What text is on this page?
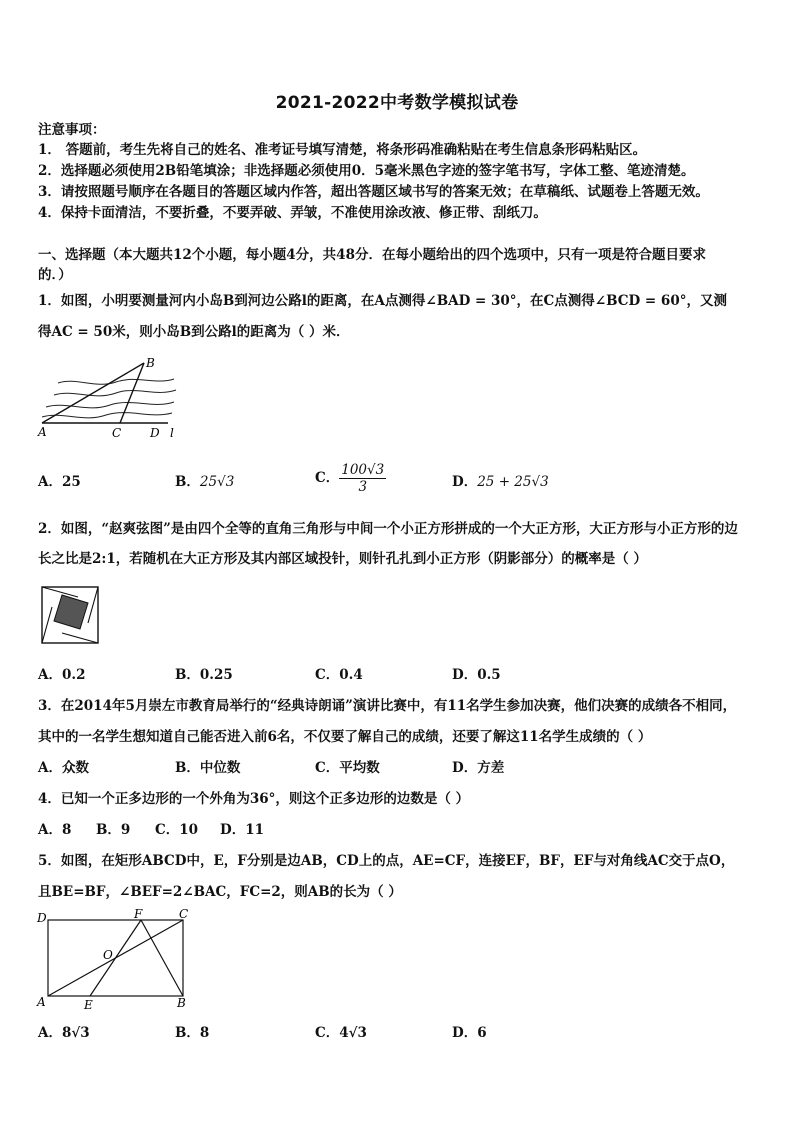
2021-2022中考数学模拟试卷
注意事项：
1． 答题前，考生先将自己的姓名、准考证号填写清楚，将条形码准确粘贴在考生信息条形码粘贴区。
2．选择题必须使用2B铅笔填涂；非选择题必须使用0．5毫米黑色字迹的签字笔书写，字体工整、笔迹清楚。
3．请按照题号顺序在各题目的答题区域内作答，超出答题区域书写的答案无效；在草稿纸、试题卷上答题无效。
4．保持卡面清洁，不要折叠，不要弄破、弄皱，不准使用涂改液、修正带、刮纸刀。
一、选择题（本大题共12个小题，每小题4分，共48分．在每小题给出的四个选项中，只有一项是符合题目要求
的．）
1．如图，小明要测量河内小岛B到河边公路l的距离，在A点测得∠BAD = 30°，在C点测得∠BCD = 60°，又测
得AC = 50米，则小岛B到公路l的距离为（ ）米．
A
B
C D l
A．25	B．25√3	C． $\frac{100√3}{3}$	D．25 + 25√3
2．如图，“赵爽弦图”是由四个全等的直角三角形与中间一个小正方形拼成的一个大正方形，大正方形与小正方形的边
长之比是2:1，若随机在大正方形及其内部区域投针，则针孔扎到小正方形（阴影部分）的概率是（ ）
A．0.2	B．0.25	C．0.4	D．0.5
3．在2014年5月崇左市教育局举行的“经典诗朗诵”演讲比赛中，有11名学生参加决赛，他们决赛的成绩各不相同，
其中的一名学生想知道自己能否进入前6名，不仅要了解自己的成绩，还要了解这11名学生成绩的（ ）
A．众数	B．中位数	C．平均数	D．方差
4．已知一个正多边形的一个外角为36°，则这个正多边形的边数是（ ）
A．8 B．9 C．10 D．11
5．如图，在矩形ABCD中，E，F分别是边AB，CD上的点，AE=CF，连接EF，BF，EF与对角线AC交于点O，
且BE=BF，∠BEF=2∠BAC，FC=2，则AB的长为（ ）
D	F	C
O
A	E	B
A．8√3	B．8	C．4√3	D．6
